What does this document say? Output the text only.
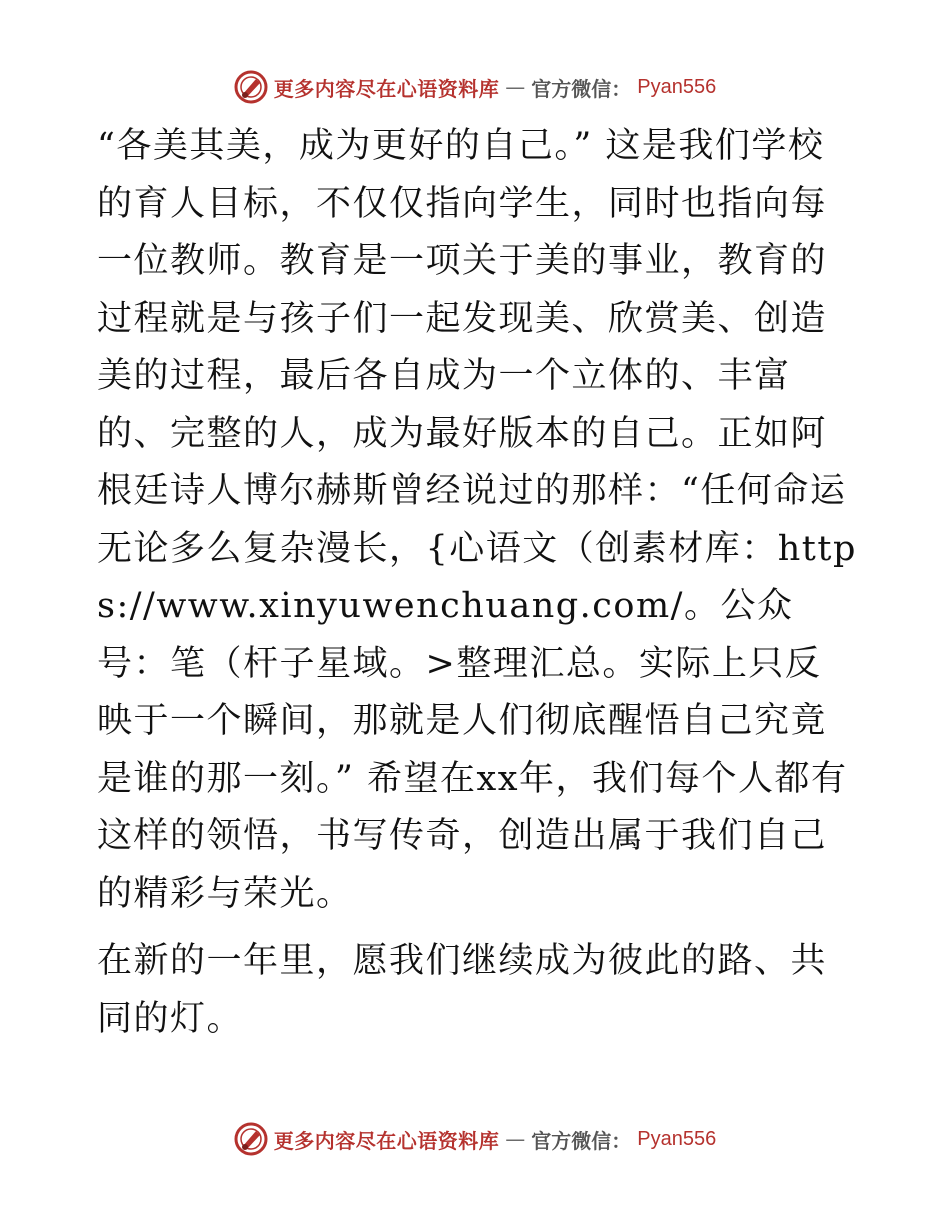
更多内容尽在心语资料库 — 官方微信： Pyan556

“各美其美，成为更好的自己。” 这是我们学校的育人目标，不仅仅指向学生，同时也指向每一位教师。教育是一项关于美的事业，教育的过程就是与孩子们一起发现美、欣赏美、创造美的过程，最后各自成为一个立体的、丰富的、完整的人，成为最好版本的自己。正如阿根廷诗人博尔赫斯曾经说过的那样：“任何命运无论多么复杂漫长，{心语文（创素材库：https://www.xinyuwenchuang.com/。公众号：笔（杆子星域。>整理汇总。实际上只反映于一个瞬间，那就是人们彻底醒悟自己究竟是谁的那一刻。” 希望在xx年，我们每个人都有这样的领悟，书写传奇，创造出属于我们自己的精彩与荣光。

在新的一年里，愿我们继续成为彼此的路、共同的灯。

更多内容尽在心语资料库 — 官方微信： Pyan556
